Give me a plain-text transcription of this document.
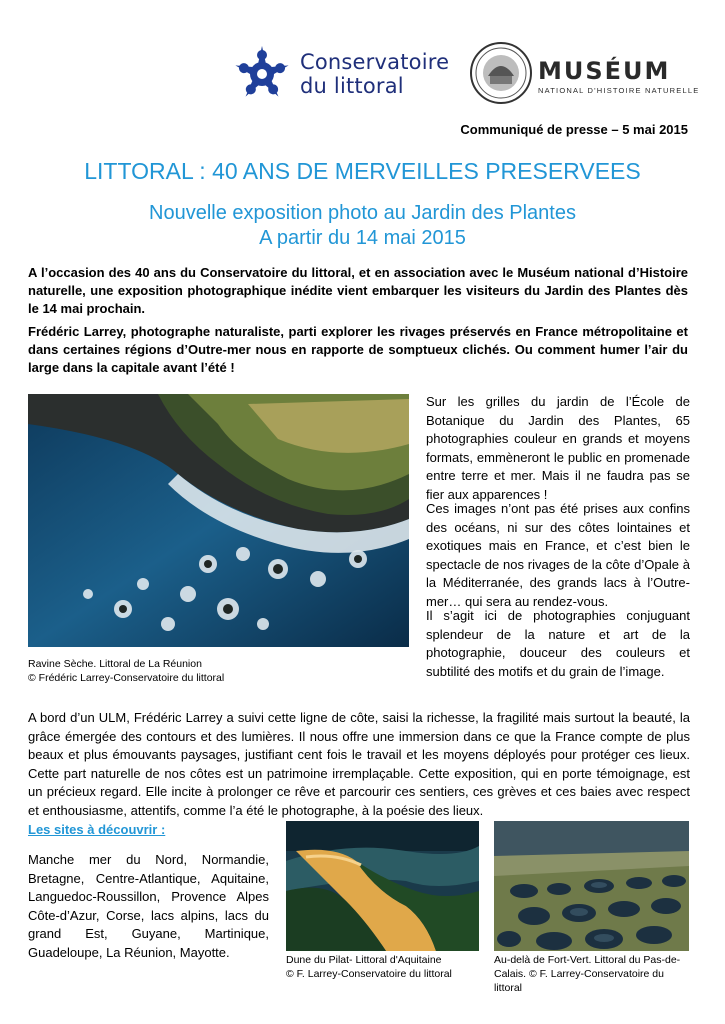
Conservatoire
du littoral
MUSÉUM
NATIONAL D'HISTOIRE NATURELLE
Communiqué de presse – 5 mai 2015
LITTORAL : 40 ANS DE MERVEILLES PRESERVEES
Nouvelle exposition photo au Jardin des Plantes
A partir du 14 mai 2015
A l’occasion des 40 ans du Conservatoire du littoral, et en association avec le Muséum national d’Histoire naturelle, une exposition photographique inédite vient embarquer les visiteurs du Jardin des Plantes dès le 14 mai prochain.
Frédéric Larrey, photographe naturaliste, parti explorer les rivages préservés en France métropolitaine et dans certaines régions d’Outre-mer nous en rapporte de somptueux clichés. Ou comment humer l’air du large dans la capitale avant l’été !
Ravine Sèche. Littoral de La Réunion
© Frédéric Larrey-Conservatoire du littoral
Sur les grilles du jardin de l’École de Botanique du Jardin des Plantes, 65 photographies couleur en grands et moyens formats, emmèneront le public en promenade entre terre et mer. Mais il ne faudra pas se fier aux apparences !
Ces images n’ont pas été prises aux confins des océans, ni sur des côtes lointaines et exotiques mais en France, et c’est bien le spectacle de nos rivages de la côte d’Opale à la Méditerranée, des grands lacs à l’Outre-mer… qui sera au rendez-vous.
Il s’agit ici de photographies conjuguant splendeur de la nature et art de la photographie, douceur des couleurs et subtilité des motifs et du grain de l’image.
A bord d’un ULM, Frédéric Larrey a suivi cette ligne de côte, saisi la richesse, la fragilité mais surtout la beauté, la grâce émergée des contours et des lumières. Il nous offre une immersion dans ce que la France compte de plus beaux et plus émouvants paysages, justifiant cent fois le travail et les moyens déployés pour protéger ces lieux. Cette part naturelle de nos côtes est un patrimoine irremplaçable. Cette exposition, qui en porte témoignage, est un précieux regard. Elle incite à prolonger ce rêve et parcourir ces sentiers, ces grèves et ces baies avec respect et enthousiasme, attentifs, comme l’a été le photographe, à la poésie des lieux.
Les sites à découvrir :
Manche mer du Nord, Normandie, Bretagne, Centre-Atlantique, Aquitaine, Languedoc-Roussillon, Provence Alpes Côte-d’Azur, Corse, lacs alpins, lacs du grand Est, Guyane, Martinique, Guadeloupe, La Réunion, Mayotte.
Dune du Pilat- Littoral d'Aquitaine
© F. Larrey-Conservatoire du littoral
Au-delà de Fort-Vert. Littoral du Pas-de-Calais. © F. Larrey-Conservatoire du littoral
